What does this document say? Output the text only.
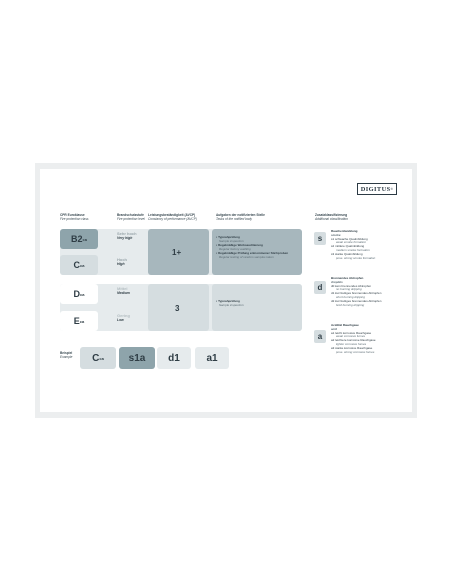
DIGITUS ®
CPR Euroklasse
Fire protection class
Brandschutzstufe
Fire protection level
Leistungsbeständigkeit (AVCP)
Constancy of performance (AVCP)
Aufgaben der notifizierten Stelle
Tasks of the notified body
Zusatzklassifizierung
Additional classification
B2 ca
C ca
D ca
E ca
Sehr hoch
Very high
Hoch
High
Mittel
Medium
Gering
Low
1+
3
▪ Typnahprüfung
Sample inspection
▪ Regelmäßige Werksauditierung
Regular factory auditing
▪ Regelmäßige Prüfung entnommener Stichproben
Regular testing of random samples taken
▪ Typnahprüfung
Sample inspection
s
Rauchentwicklung
smoke
s1 schwache Qualmbildung
weak smoke formation
s2 mittlere Qualmbildung
medium smoke formation
s3 starke Qualmbildung
poss. strong smoke formation
d
Brennendes Abtropfen
droplets
d0 kein brennendes Abtropfen
no burning dripping
d1 kurzzeitiges brennendes Abtropfen
short burning dripping
d2 kurzzeitiges brennendes Abtropfen
brief burning dripping
a
Acidität Rauchgase
acid
a1 leicht korrosive Rauchgase
weak corrosive fumes
a2 leichtere korrosive Rauchgase
lighter corrosive fumes
a3 starke korrosive Rauchgase
poss. strong corrosive fumes
Beispiel
Example C ca s1a d1	a1
